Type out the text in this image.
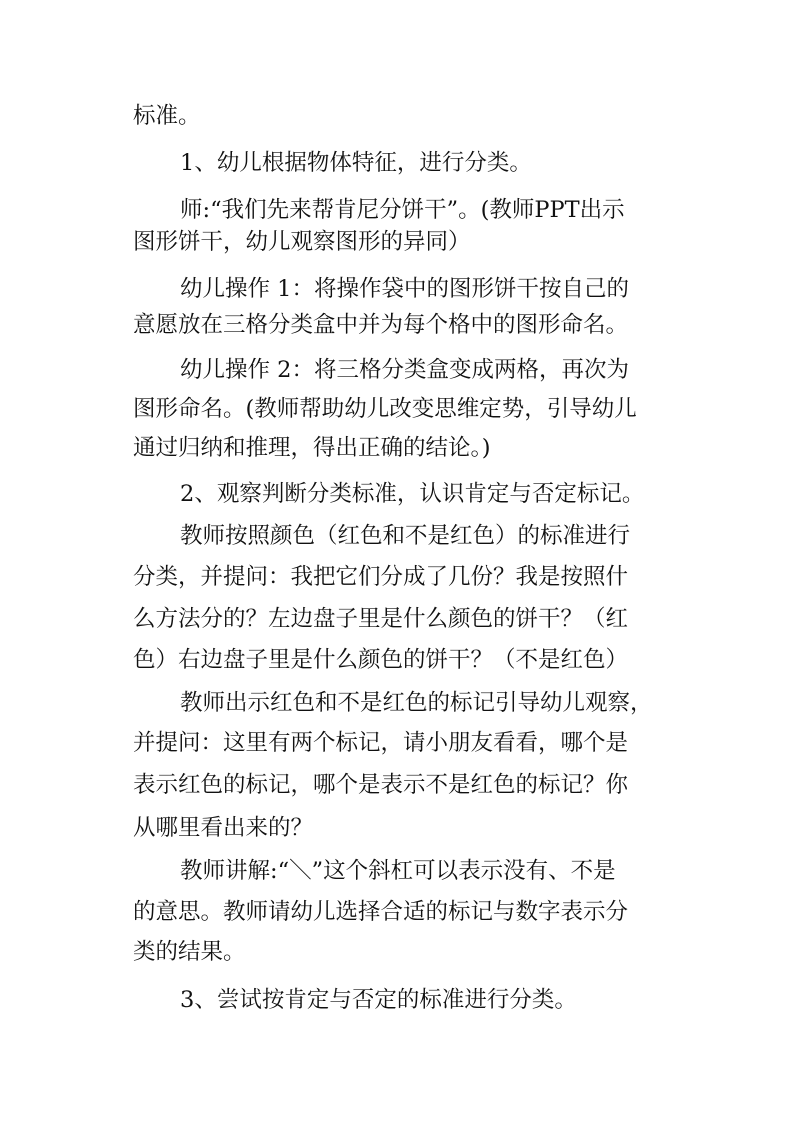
标准。
1、幼儿根据物体特征，进行分类。
师:“我们先来帮肯尼分饼干”。(教师PPT出示
图形饼干，幼儿观察图形的异同）
幼儿操作 1：将操作袋中的图形饼干按自己的
意愿放在三格分类盒中并为每个格中的图形命名。
幼儿操作 2：将三格分类盒变成两格，再次为
图形命名。(教师帮助幼儿改变思维定势，引导幼儿
通过归纳和推理，得出正确的结论。)
2、观察判断分类标准，认识肯定与否定标记。
教师按照颜色（红色和不是红色）的标准进行
分类，并提问：我把它们分成了几份？我是按照什
么方法分的？左边盘子里是什么颜色的饼干？（红
色）右边盘子里是什么颜色的饼干？（不是红色）
教师出示红色和不是红色的标记引导幼儿观察，
并提问：这里有两个标记，请小朋友看看，哪个是
表示红色的标记，哪个是表示不是红色的标记？你
从哪里看出来的？
教师讲解:“＼”这个斜杠可以表示没有、不是
的意思。教师请幼儿选择合适的标记与数字表示分
类的结果。
3、尝试按肯定与否定的标准进行分类。
